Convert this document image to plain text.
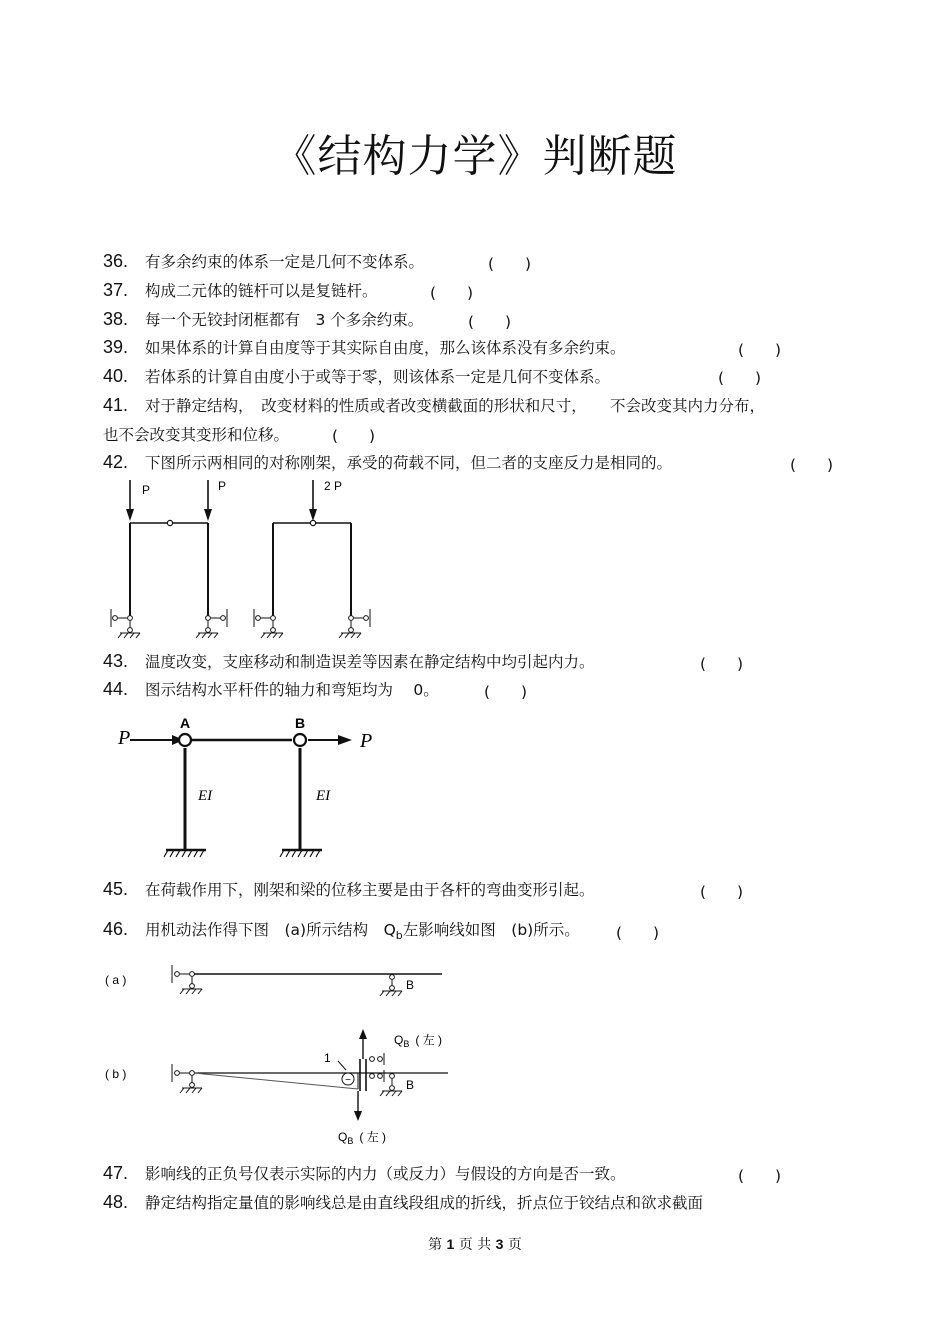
《结构力学》判断题
36. 有多余约束的体系一定是几何不变体系。	(　　)
37. 构成二元体的链杆可以是复链杆。	(　　)
38. 每一个无铰封闭框都有　3 个多余约束。	(　　)
39. 如果体系的计算自由度等于其实际自由度，那么该体系没有多余约束。	(　　)
40. 若体系的计算自由度小于或等于零，则该体系一定是几何不变体系。	(　　)
41. 对于静定结构，　改变材料的性质或者改变横截面的形状和尺寸，　　不会改变其内力分布，
也不会改变其变形和位移。	(　　)
42. 下图所示两相同的对称刚架，承受的荷载不同，但二者的支座反力是相同的。	(　　)
P	P	2 P
43. 温度改变，支座移动和制造误差等因素在静定结构中均引起内力。	(　　)
44. 图示结构水平杆件的轴力和弯矩均为　 0。	(　　)
P	P
A	B
EI	EI
45. 在荷载作用下，刚架和梁的位移主要是由于各杆的弯曲变形引起。	(　　)
46. 用机动法作得下图　(a)所示结构　$Q_b$左影响线如图　(b)所示。 (　　)
( a )	B
( b )	−
1
B
$Q_B$ ( 左 )
$Q_B$ ( 左 )
47. 影响线的正负号仅表示实际的内力（或反力）与假设的方向是否一致。	(　　)
48. 静定结构指定量值的影响线总是由直线段组成的折线，折点位于铰结点和欲求截面
第 1 页 共 3 页
